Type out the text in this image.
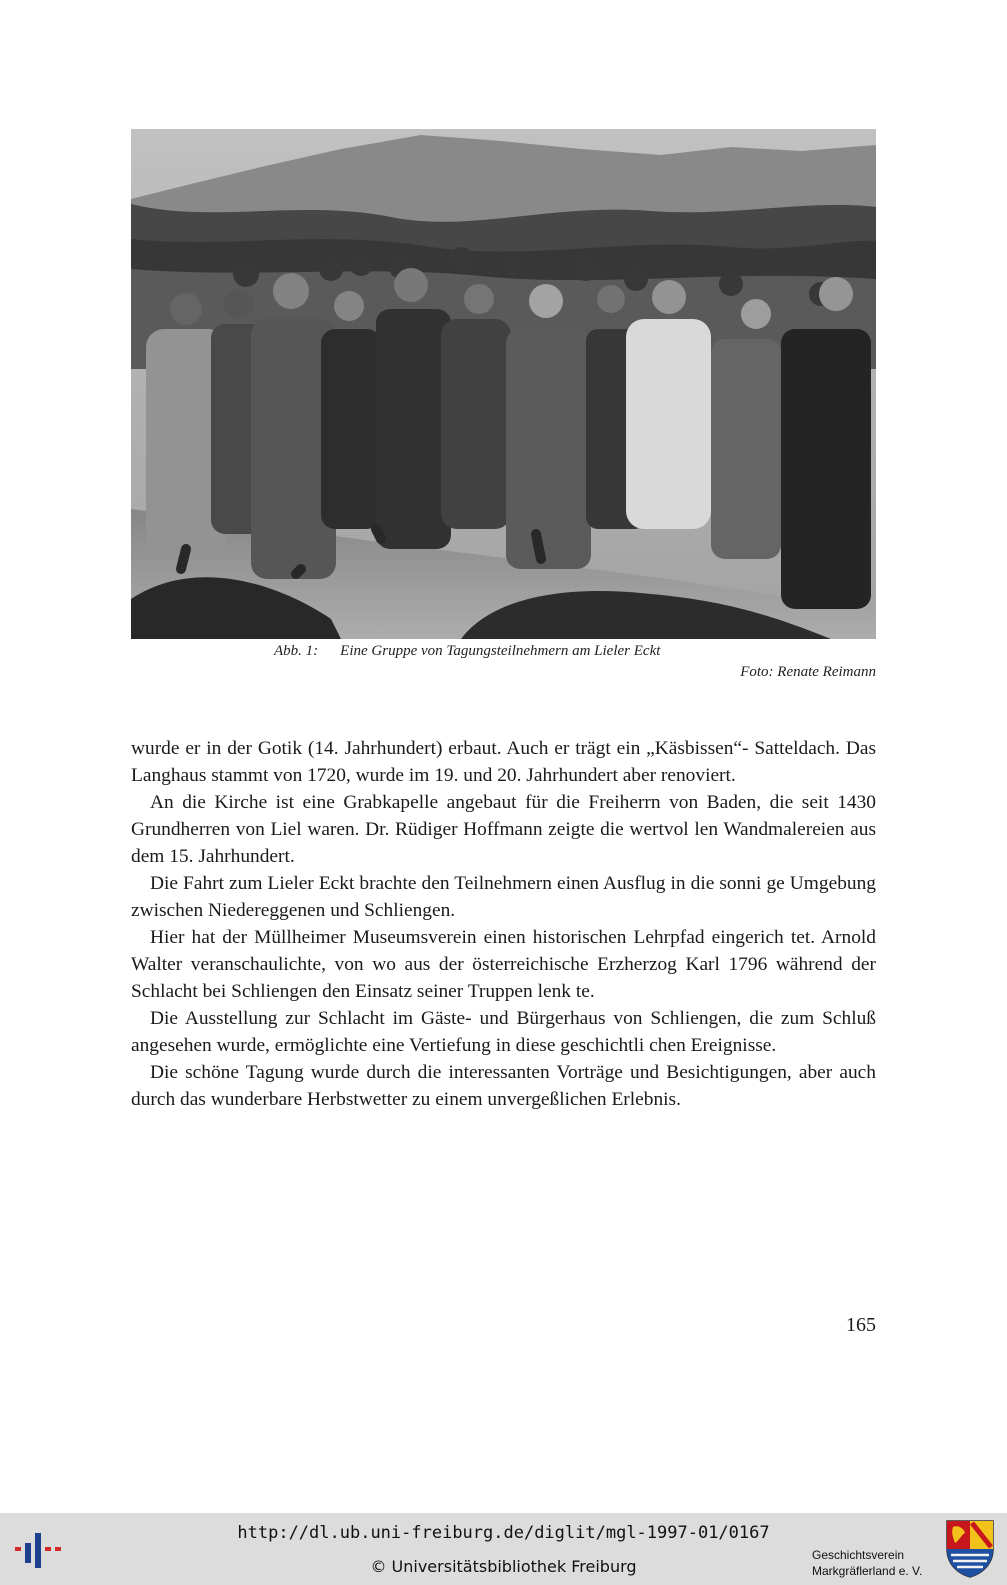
Abb. 1: Eine Gruppe von Tagungsteilnehmern am Lieler Eckt
Foto: Renate Reimann

wurde er in der Gotik (14. Jahrhundert) erbaut. Auch er trägt ein „Käsbissen“- Satteldach. Das Langhaus stammt von 1720, wurde im 19. und 20. Jahrhundert aber renoviert.

An die Kirche ist eine Grabkapelle angebaut für die Freiherrn von Baden, die seit 1430 Grundherren von Liel waren. Dr. Rüdiger Hoffmann zeigte die wertvol len Wandmalereien aus dem 15. Jahrhundert.

Die Fahrt zum Lieler Eckt brachte den Teilnehmern einen Ausflug in die sonni ge Umgebung zwischen Niedereggenen und Schliengen.

Hier hat der Müllheimer Museumsverein einen historischen Lehrpfad eingerich tet. Arnold Walter veranschaulichte, von wo aus der österreichische Erzherzog Karl 1796 während der Schlacht bei Schliengen den Einsatz seiner Truppen lenk te.

Die Ausstellung zur Schlacht im Gäste- und Bürgerhaus von Schliengen, die zum Schluß angesehen wurde, ermöglichte eine Vertiefung in diese geschichtli chen Ereignisse.

Die schöne Tagung wurde durch die interessanten Vorträge und Besichtigungen, aber auch durch das wunderbare Herbstwetter zu einem unvergeßlichen Erlebnis.

165
http://dl.ub.uni-freiburg.de/diglit/mgl-1997-01/0167
© Universitätsbibliothek Freiburg
Geschichtsverein
Markgräflerland e. V.
